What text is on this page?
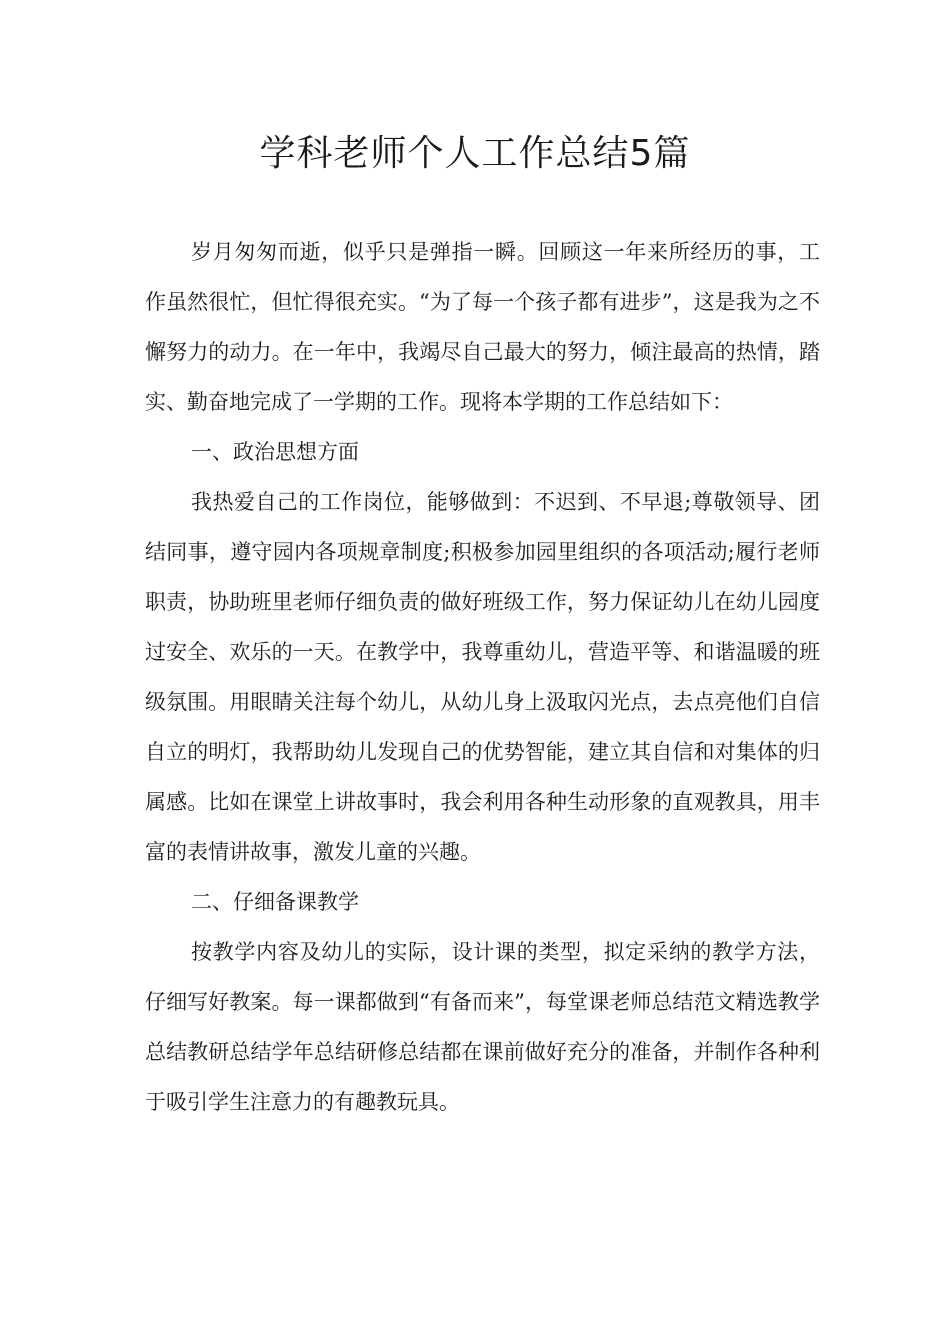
学科老师个人工作总结5篇

岁月匆匆而逝，似乎只是弹指一瞬。回顾这一年来所经历的事，工作虽然很忙，但忙得很充实。“为了每一个孩子都有进步”，这是我为之不懈努力的动力。在一年中，我竭尽自己最大的努力，倾注最高的热情，踏实、勤奋地完成了一学期的工作。现将本学期的工作总结如下：

一、政治思想方面

我热爱自己的工作岗位，能够做到：不迟到、不早退;尊敬领导、团结同事，遵守园内各项规章制度;积极参加园里组织的各项活动;履行老师职责，协助班里老师仔细负责的做好班级工作，努力保证幼儿在幼儿园度过安全、欢乐的一天。在教学中，我尊重幼儿，营造平等、和谐温暖的班级氛围。用眼睛关注每个幼儿，从幼儿身上汲取闪光点，去点亮他们自信自立的明灯，我帮助幼儿发现自己的优势智能，建立其自信和对集体的归属感。比如在课堂上讲故事时，我会利用各种生动形象的直观教具，用丰富的表情讲故事，激发儿童的兴趣。

二、仔细备课教学

按教学内容及幼儿的实际，设计课的类型，拟定采纳的教学方法，仔细写好教案。每一课都做到“有备而来”，每堂课老师总结范文精选教学总结教研总结学年总结研修总结都在课前做好充分的准备，并制作各种利于吸引学生注意力的有趣教玩具。
